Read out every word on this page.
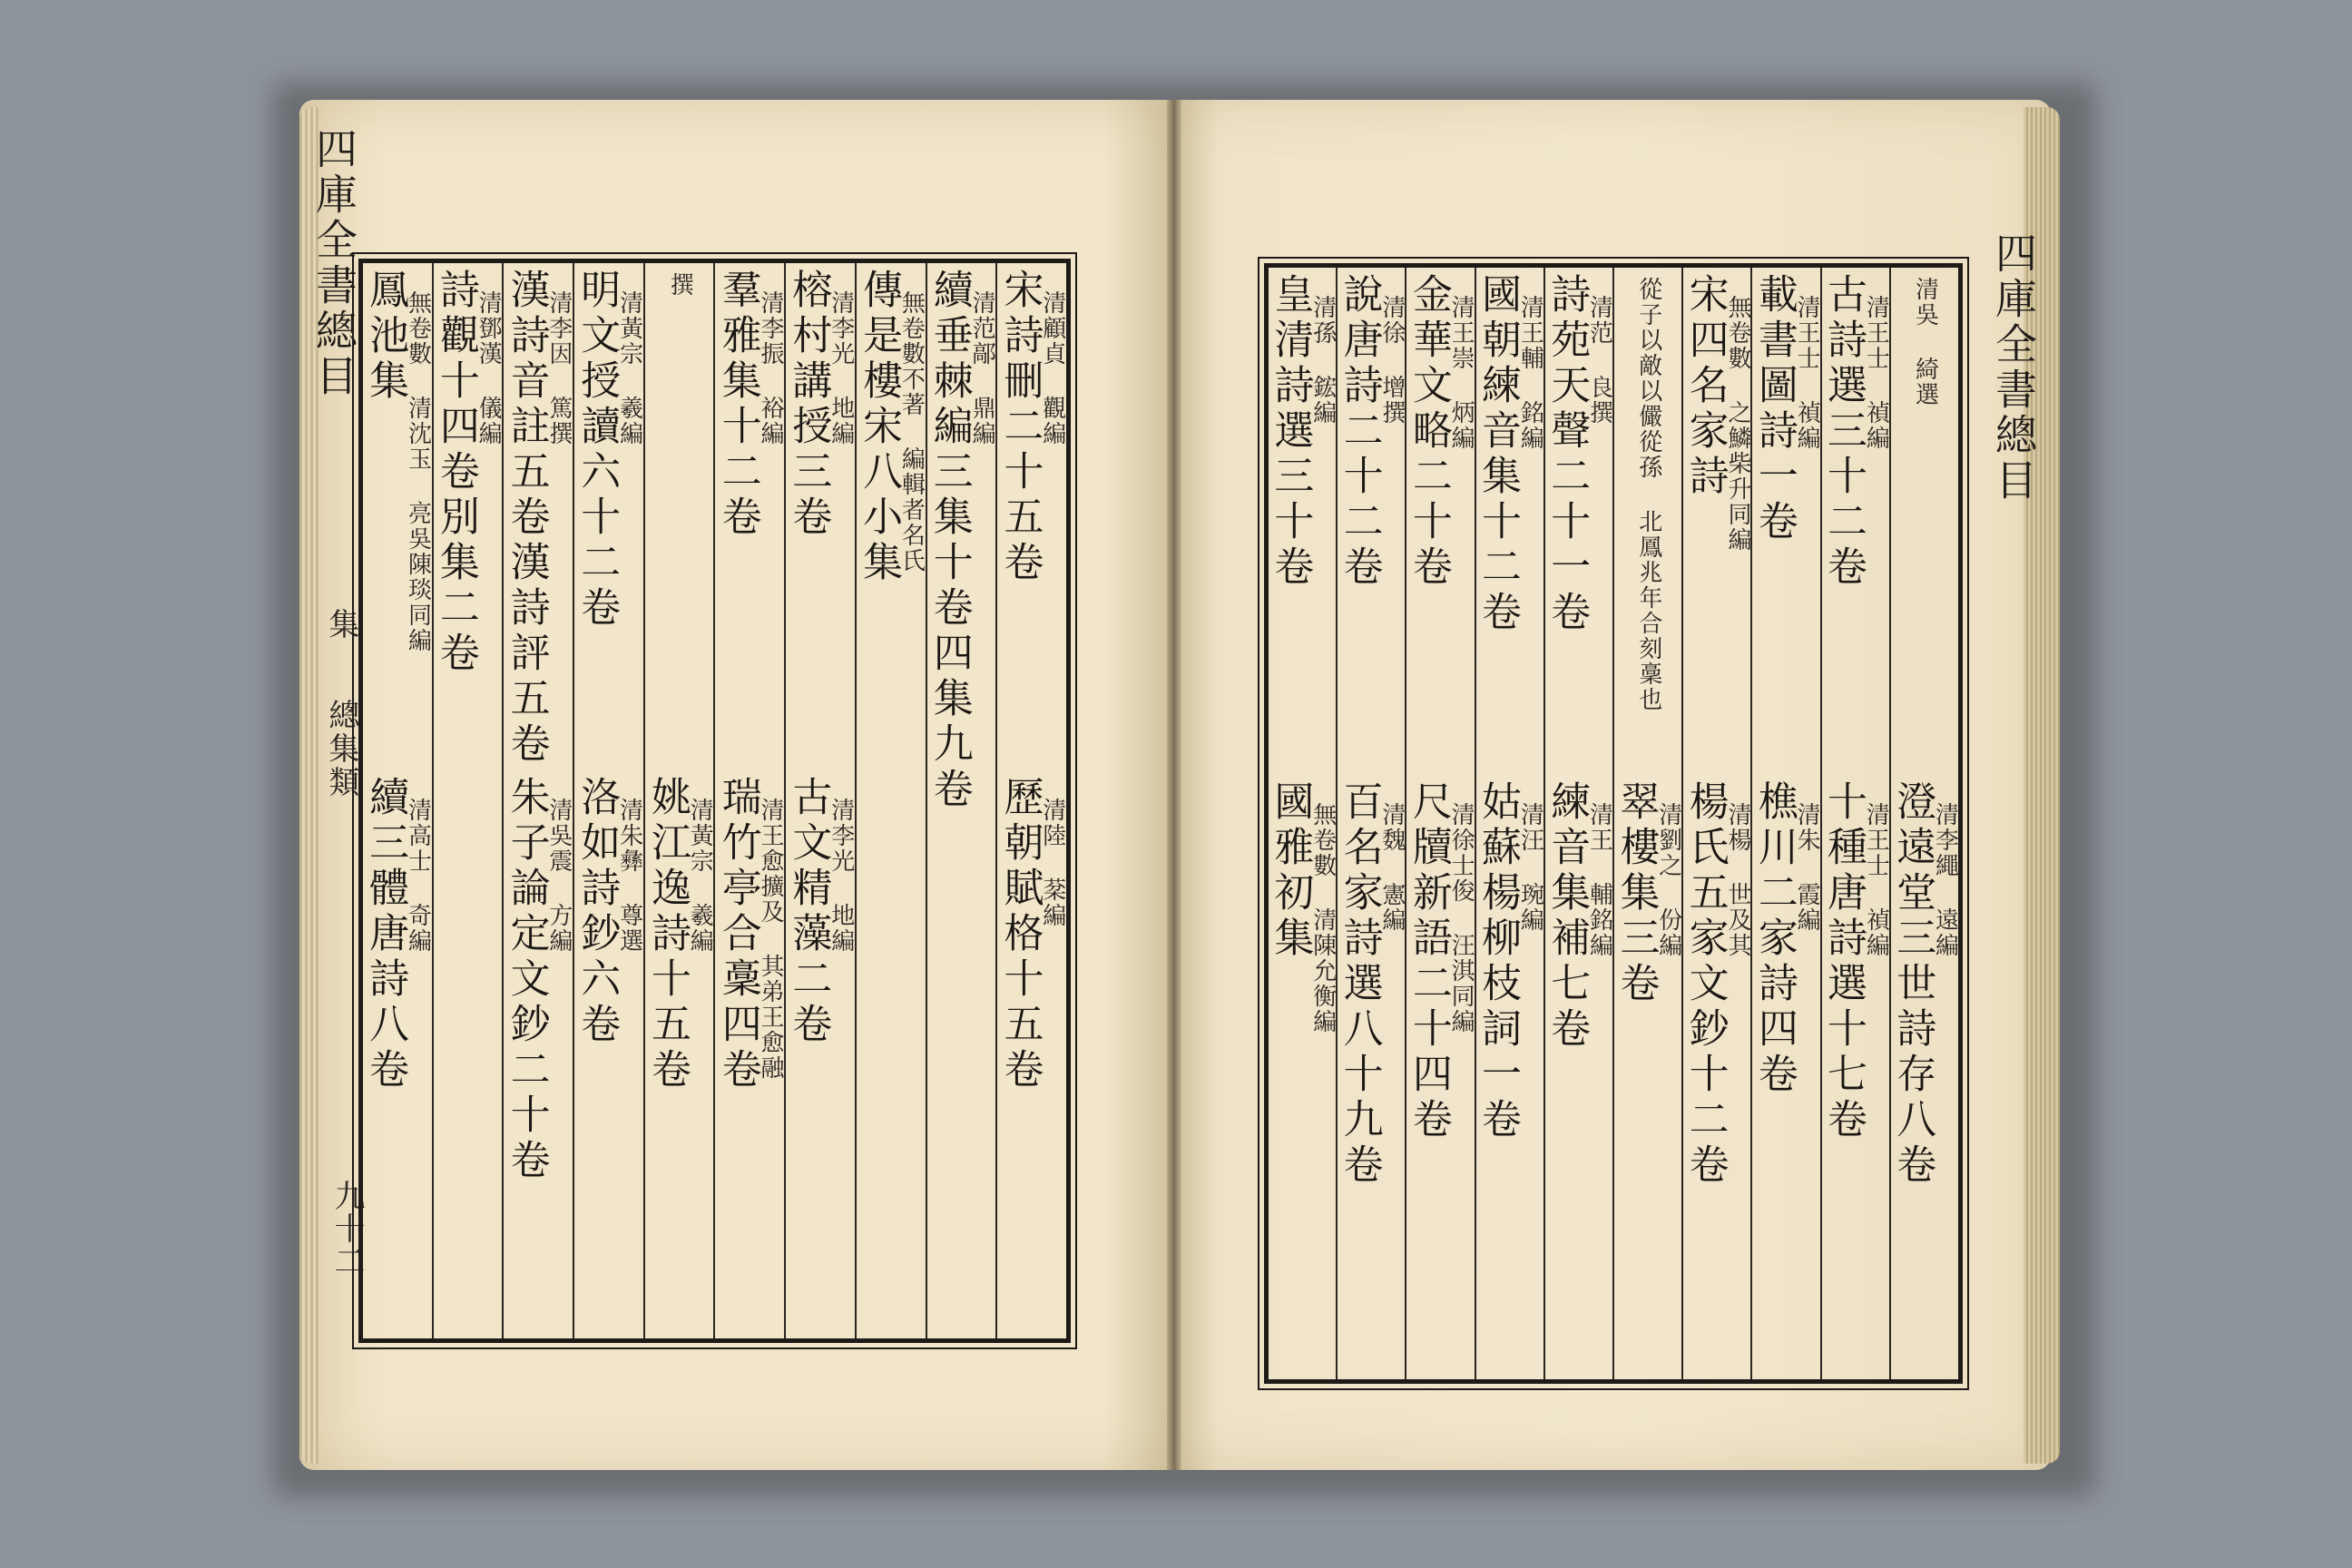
四庫全書總目
集
總集類
九十二
四庫全書總目
宋詩刪二十五卷
清顧貞 觀編
歷朝賦格十五卷
清陸 棻編
續垂棘編三集十卷四集九卷
清范鄗 鼎編
傳是樓宋八小集
無卷數不著 編輯者名氏
榕村講授三卷
清李光 地編
古文精藻二卷
清李光 地編
羣雅集十二卷
清李振 裕編
瑞竹亭合稾四卷
清王愈擴及 其弟王愈融
撰
姚江逸詩十五卷
清黃宗 羲編
明文授讀六十二卷
清黃宗 羲編
洛如詩鈔六卷
清朱彝 尊選
漢詩音註五卷漢詩評五卷
清李因 篤撰
朱子論定文鈔二十卷
清吳震 方編
詩觀十四卷別集二卷
清鄧漢 儀編
鳳池集
無卷數 清沈玉 亮吳陳琰同編
續三體唐詩八卷
清高士 奇編
清吳 綺選
澄遠堂三世詩存八卷
清李繩 遠編
古詩選三十二卷
清王士 禎編
十種唐詩選十七卷
清王士 禎編
載書圖詩一卷
清王士 禎編
樵川二家詩四卷
清朱 霞編
宋四名家詩
無卷數 之鱗柴升同編
楊氏五家文鈔十二卷
清楊 世及其
從子以敵以儼從孫 北鳳兆年合刻稾也
翠樓集三卷
清劉之 份編
詩苑天聲二十一卷
清范 良撰
練音集補七卷
清王 輔銘編
國朝練音集十二卷
清王輔 銘編
姑蘇楊柳枝詞一卷
清汪 琬編
金華文略二十卷
清王崇 炳編
尺牘新語二十四卷
清徐士俊 汪淇同編
說唐詩二十二卷
清徐 增撰
百名家詩選八十九卷
清魏 憲編
皇清詩選三十卷
清孫 鋐編
國雅初集
無卷數 清陳允衡編
